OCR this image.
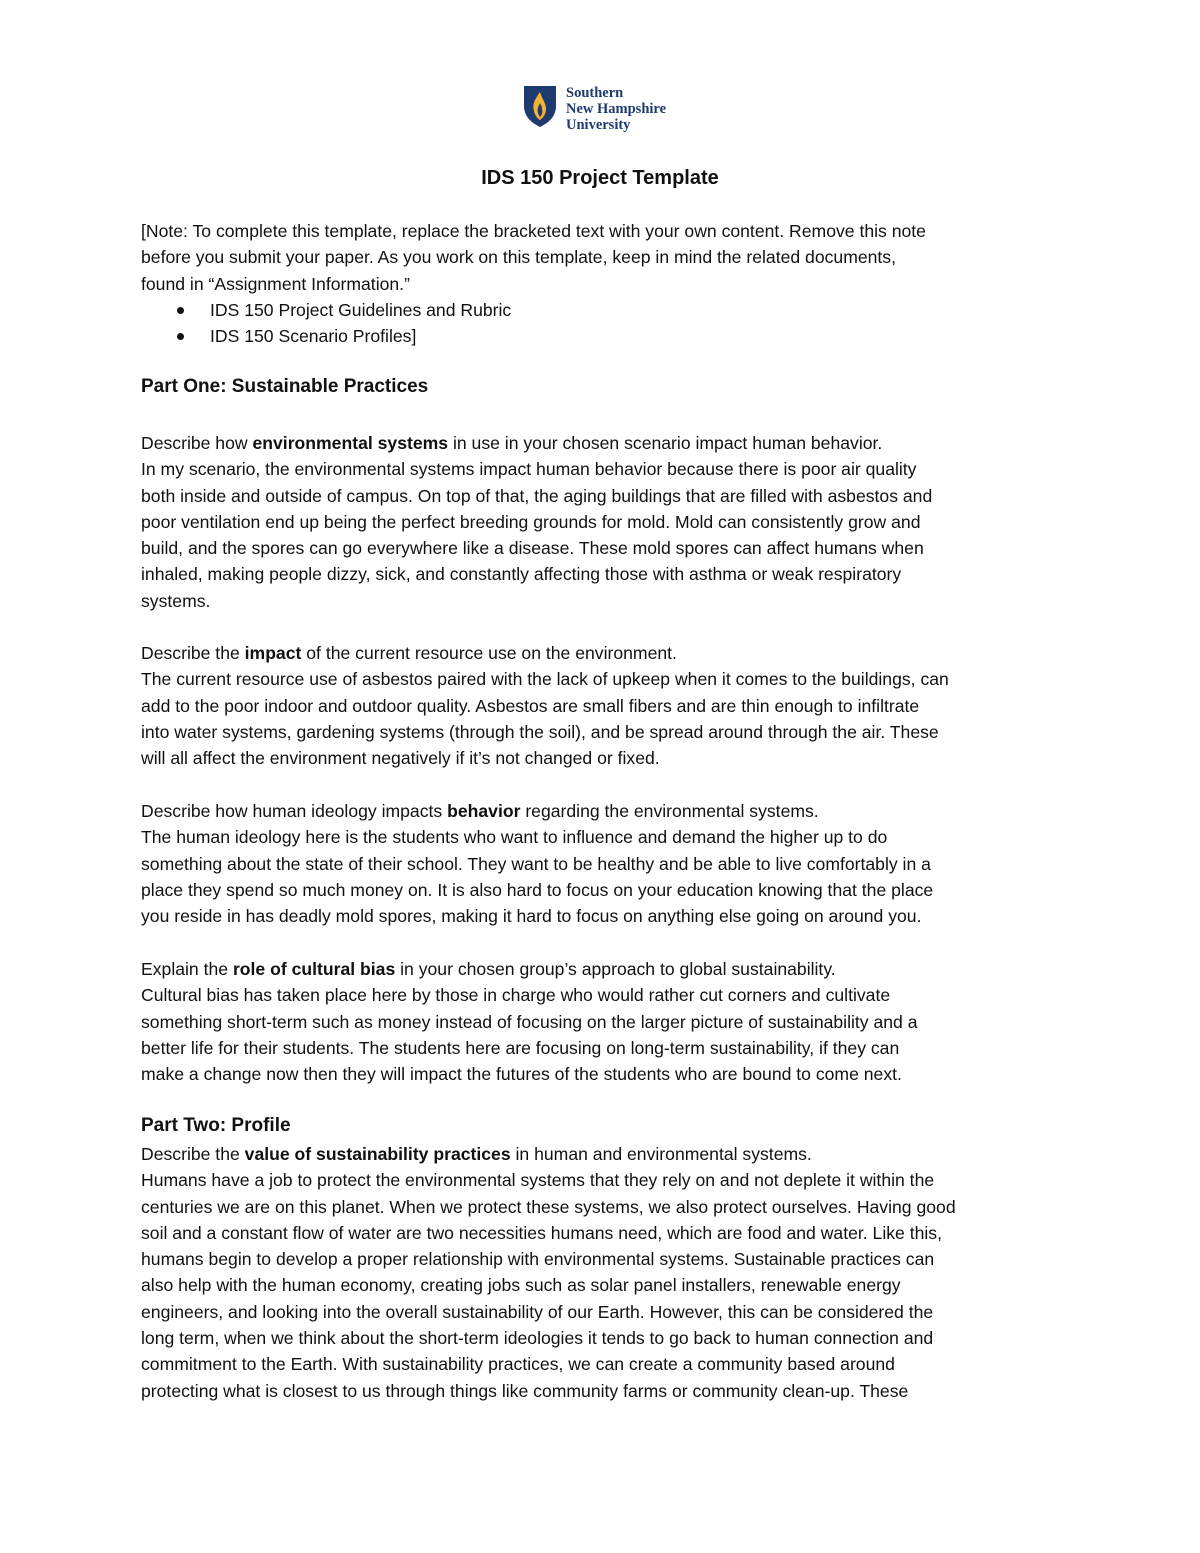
Southern
New Hampshire
University
IDS 150 Project Template

[Note: To complete this template, replace the bracketed text with your own content. Remove this note

before you submit your paper. As you work on this template, keep in mind the related documents,

found in “Assignment Information.”

IDS 150 Project Guidelines and Rubric
IDS 150 Scenario Profiles]
Part One: Sustainable Practices

Describe how environmental systems in use in your chosen scenario impact human behavior.

In my scenario, the environmental systems impact human behavior because there is poor air quality

both inside and outside of campus. On top of that, the aging buildings that are filled with asbestos and

poor ventilation end up being the perfect breeding grounds for mold. Mold can consistently grow and

build, and the spores can go everywhere like a disease. These mold spores can affect humans when

inhaled, making people dizzy, sick, and constantly affecting those with asthma or weak respiratory

systems.

Describe the impact of the current resource use on the environment.

The current resource use of asbestos paired with the lack of upkeep when it comes to the buildings, can

add to the poor indoor and outdoor quality. Asbestos are small fibers and are thin enough to infiltrate

into water systems, gardening systems (through the soil), and be spread around through the air. These

will all affect the environment negatively if it’s not changed or fixed.

Describe how human ideology impacts behavior regarding the environmental systems.

The human ideology here is the students who want to influence and demand the higher up to do

something about the state of their school. They want to be healthy and be able to live comfortably in a

place they spend so much money on. It is also hard to focus on your education knowing that the place

you reside in has deadly mold spores, making it hard to focus on anything else going on around you.

Explain the role of cultural bias in your chosen group’s approach to global sustainability.

Cultural bias has taken place here by those in charge who would rather cut corners and cultivate

something short-term such as money instead of focusing on the larger picture of sustainability and a

better life for their students. The students here are focusing on long-term sustainability, if they can

make a change now then they will impact the futures of the students who are bound to come next.

Part Two: Profile

Describe the value of sustainability practices in human and environmental systems.

Humans have a job to protect the environmental systems that they rely on and not deplete it within the

centuries we are on this planet. When we protect these systems, we also protect ourselves. Having good

soil and a constant flow of water are two necessities humans need, which are food and water. Like this,

humans begin to develop a proper relationship with environmental systems. Sustainable practices can

also help with the human economy, creating jobs such as solar panel installers, renewable energy

engineers, and looking into the overall sustainability of our Earth. However, this can be considered the

long term, when we think about the short-term ideologies it tends to go back to human connection and

commitment to the Earth. With sustainability practices, we can create a community based around

protecting what is closest to us through things like community farms or community clean-up. These
